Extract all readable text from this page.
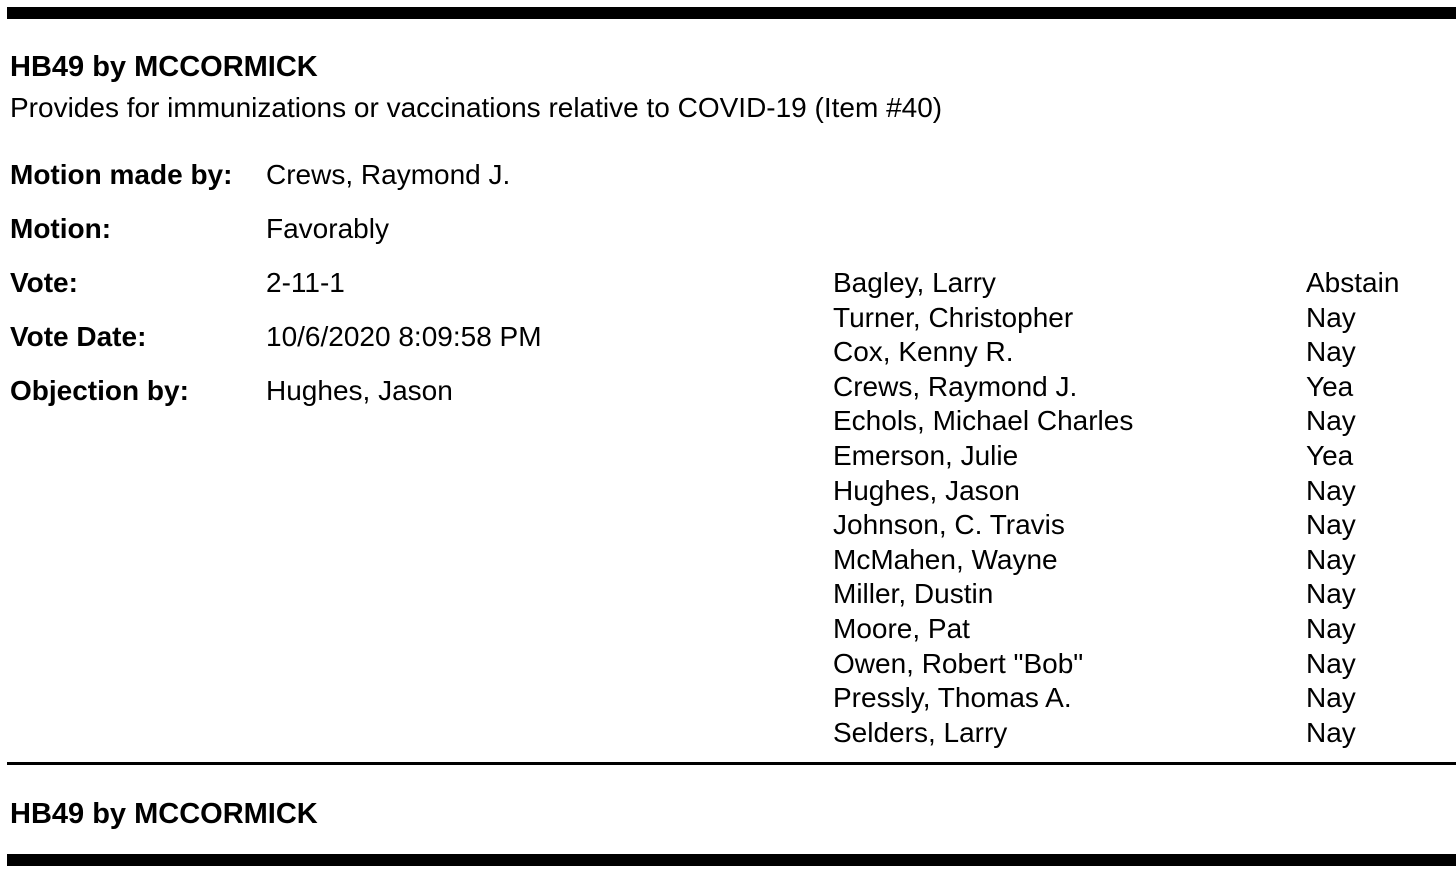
HB49 by MCCORMICK
Provides for immunizations or vaccinations relative to COVID-19 (Item #40)
Motion made by: Crews, Raymond J.
Motion:	Favorably
Vote:	2-11-1
Vote Date:	10/6/2020 8:09:58 PM
Objection by:	Hughes, Jason
Bagley, Larry	Abstain
Turner, Christopher	Nay
Cox, Kenny R.	Nay
Crews, Raymond J.	Yea
Echols, Michael Charles	Nay
Emerson, Julie	Yea
Hughes, Jason	Nay
Johnson, C. Travis	Nay
McMahen, Wayne	Nay
Miller, Dustin	Nay
Moore, Pat	Nay
Owen, Robert "Bob"	Nay
Pressly, Thomas A.	Nay
Selders, Larry	Nay
HB49 by MCCORMICK
